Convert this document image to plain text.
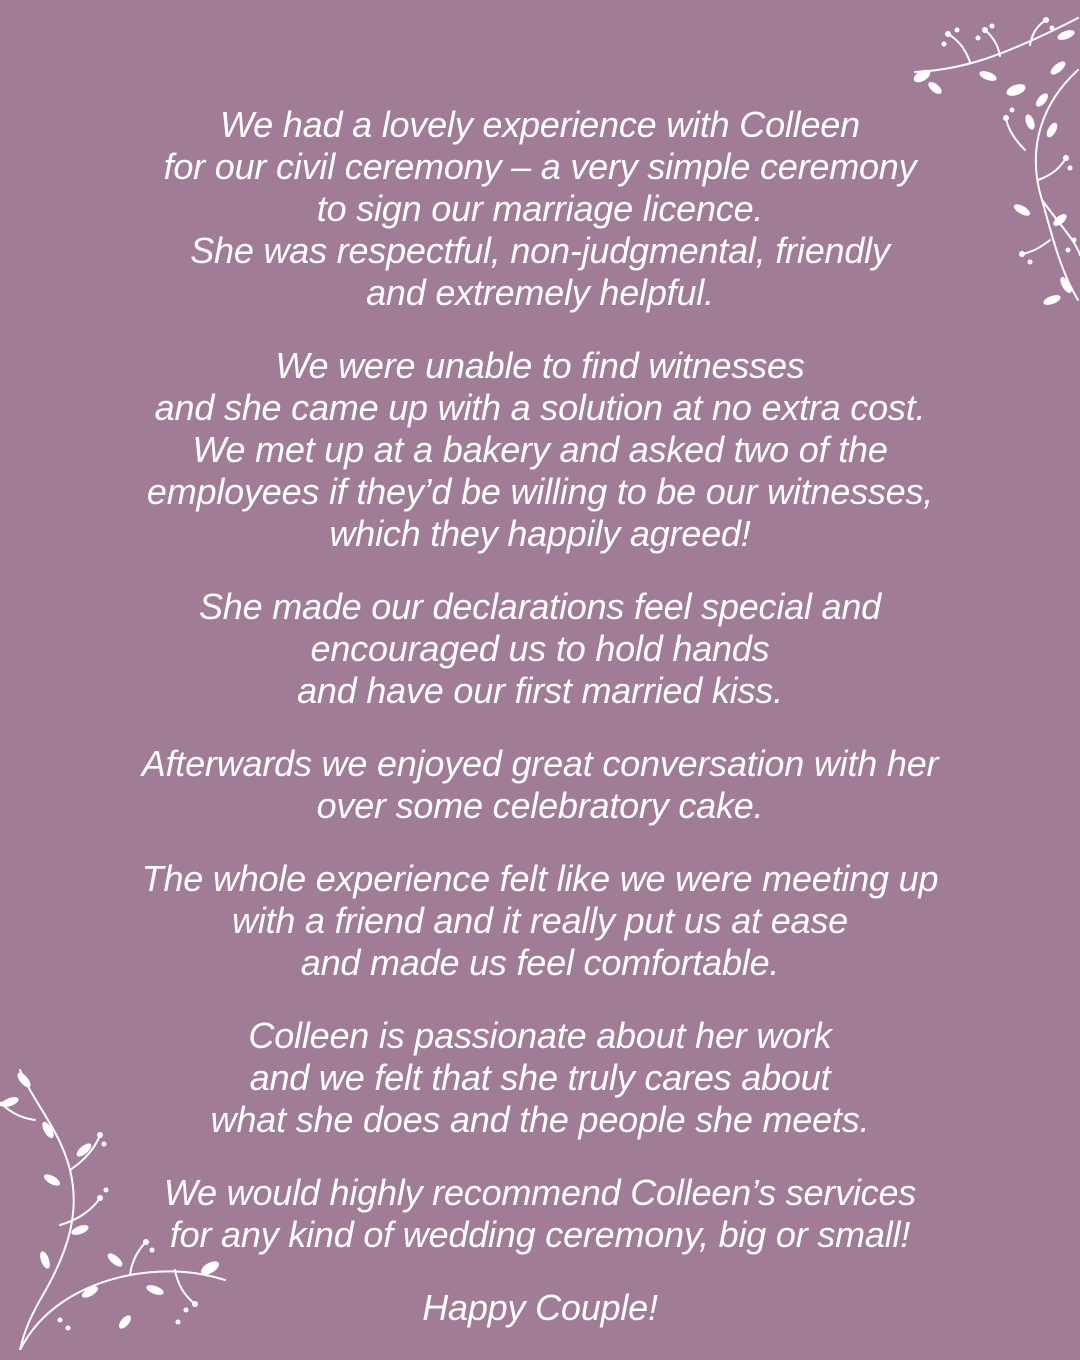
We had a lovely experience with Colleen
for our civil ceremony – a very simple ceremony
to sign our marriage licence.
She was respectful, non-judgmental, friendly
and extremely helpful.

We were unable to find witnesses
and she came up with a solution at no extra cost.
We met up at a bakery and asked two of the
employees if they’d be willing to be our witnesses,
which they happily agreed!

She made our declarations feel special and
encouraged us to hold hands
and have our first married kiss.

Afterwards we enjoyed great conversation with her
over some celebratory cake.

The whole experience felt like we were meeting up
with a friend and it really put us at ease
and made us feel comfortable.

Colleen is passionate about her work
and we felt that she truly cares about
what she does and the people she meets.

We would highly recommend Colleen’s services
for any kind of wedding ceremony, big or small!

Happy Couple!
